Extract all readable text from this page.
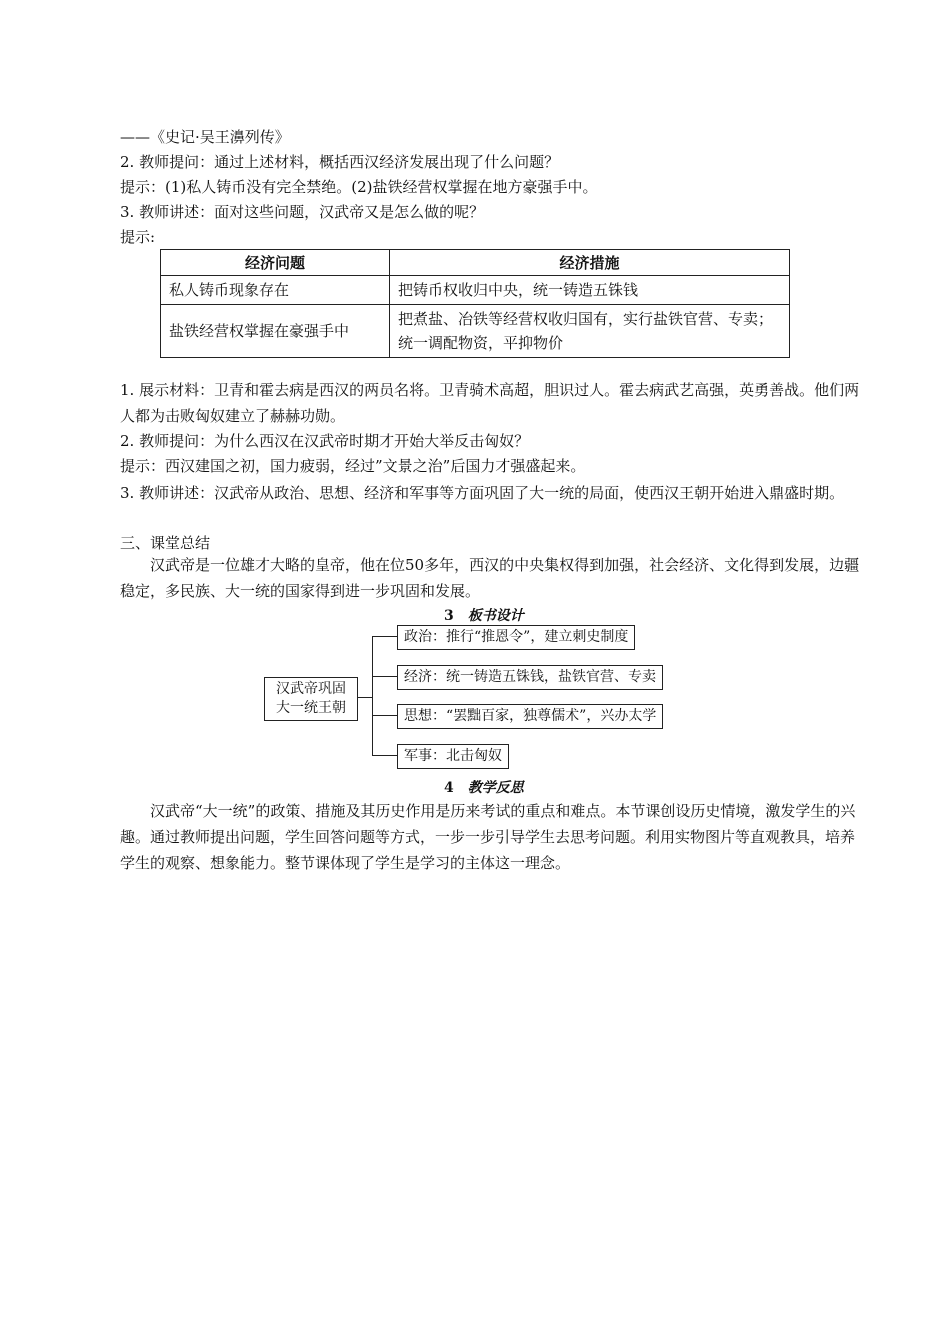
——《史记·吴王濞列传》
2. 教师提问：通过上述材料，概括西汉经济发展出现了什么问题？
提示：(1)私人铸币没有完全禁绝。(2)盐铁经营权掌握在地方豪强手中。
3. 教师讲述：面对这些问题，汉武帝又是怎么做的呢？
提示:
经济问题	经济措施
私人铸币现象存在	把铸币权收归中央，统一铸造五铢钱
盐铁经营权掌握在豪强手中	把煮盐、冶铁等经营权收归国有，实行盐铁官营、专卖；统一调配物资，平抑物价
1. 展示材料：卫青和霍去病是西汉的两员名将。卫青骑术高超，胆识过人。霍去病武艺高强，英勇善战。他们两人都为击败匈奴建立了赫赫功勋。
2. 教师提问：为什么西汉在汉武帝时期才开始大举反击匈奴？
提示：西汉建国之初，国力疲弱，经过”文景之治”后国力才强盛起来。
3. 教师讲述：汉武帝从政治、思想、经济和军事等方面巩固了大一统的局面，使西汉王朝开始进入鼎盛时期。
三、课堂总结
汉武帝是一位雄才大略的皇帝，他在位50多年，西汉的中央集权得到加强，社会经济、文化得到发展，边疆稳定，多民族、大一统的国家得到进一步巩固和发展。
3 板书设计
汉武帝巩固
大一统王朝
政治：推行“推恩令”，建立刺史制度
经济：统一铸造五铢钱，盐铁官营、专卖
思想：“罢黜百家，独尊儒术”，兴办太学
军事：北击匈奴
4 教学反思
汉武帝“大一统”的政策、措施及其历史作用是历来考试的重点和难点。本节课创设历史情境，激发学生的兴趣。通过教师提出问题，学生回答问题等方式，一步一步引导学生去思考问题。利用实物图片等直观教具，培养学生的观察、想象能力。整节课体现了学生是学习的主体这一理念。
